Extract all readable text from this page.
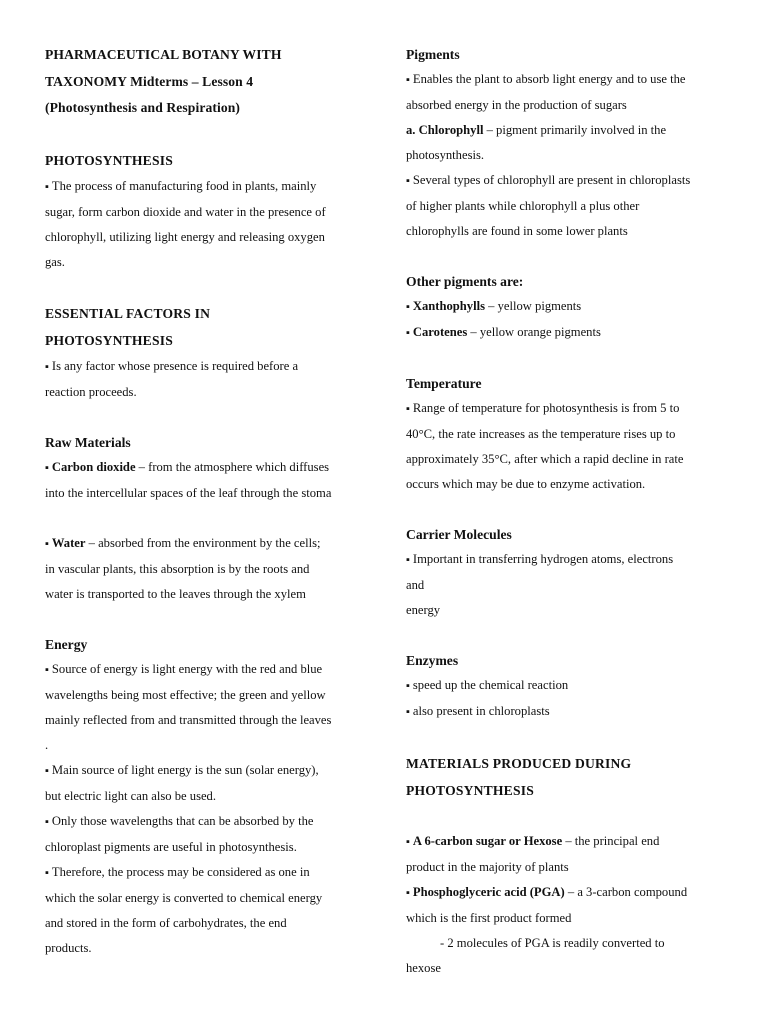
PHARMACEUTICAL BOTANY WITH

TAXONOMY Midterms – Lesson 4

(Photosynthesis and Respiration)

PHOTOSYNTHESIS

▪ The process of manufacturing food in plants, mainly
sugar, form carbon dioxide and water in the presence of
chlorophyll, utilizing light energy and releasing oxygen
gas.

ESSENTIAL FACTORS IN
PHOTOSYNTHESIS

▪ Is any factor whose presence is required before a
reaction proceeds.

Raw Materials

▪ Carbon dioxide – from the atmosphere which diffuses
into the intercellular spaces of the leaf through the stoma

▪ Water – absorbed from the environment by the cells;
in vascular plants, this absorption is by the roots and
water is transported to the leaves through the xylem

Energy

▪ Source of energy is light energy with the red and blue
wavelengths being most effective; the green and yellow
mainly reflected from and transmitted through the leaves
.

▪ Main source of light energy is the sun (solar energy),
but electric light can also be used.

▪ Only those wavelengths that can be absorbed by the
chloroplast pigments are useful in photosynthesis.

▪ Therefore, the process may be considered as one in
which the solar energy is converted to chemical energy
and stored in the form of carbohydrates, the end
products.

Pigments

▪ Enables the plant to absorb light energy and to use the
absorbed energy in the production of sugars

a. Chlorophyll – pigment primarily involved in the
photosynthesis.

▪ Several types of chlorophyll are present in chloroplasts
of higher plants while chlorophyll a plus other
chlorophylls are found in some lower plants

Other pigments are:

▪ Xanthophylls – yellow pigments

▪ Carotenes – yellow orange pigments

Temperature

▪ Range of temperature for photosynthesis is from 5 to
40°C, the rate increases as the temperature rises up to
approximately 35°C, after which a rapid decline in rate
occurs which may be due to enzyme activation.

Carrier Molecules

▪ Important in transferring hydrogen atoms, electrons
and
energy

Enzymes

▪ speed up the chemical reaction

▪ also present in chloroplasts

MATERIALS PRODUCED DURING
PHOTOSYNTHESIS

▪ A 6-carbon sugar or Hexose – the principal end
product in the majority of plants

▪ Phosphoglyceric acid (PGA) – a 3-carbon compound
which is the first product formed

- 2 molecules of PGA is readily converted to
hexose
